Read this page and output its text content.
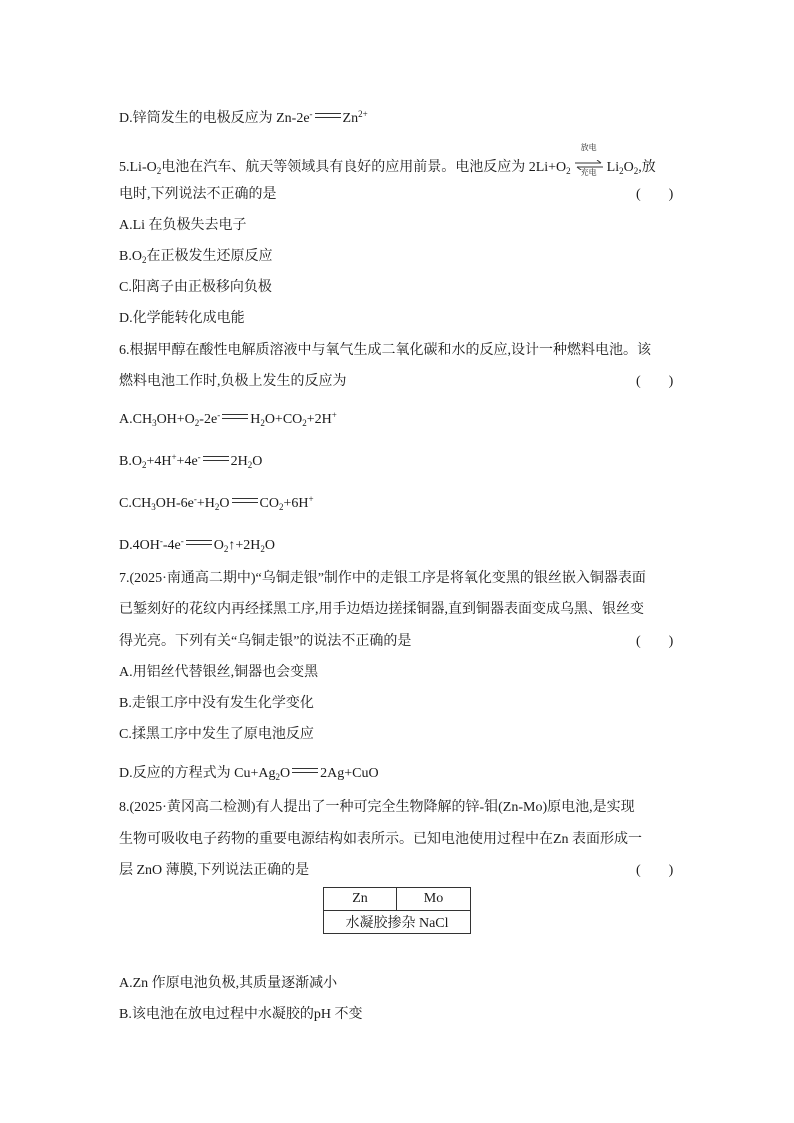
D.锌筒发生的电极反应为 Zn-2e- $Zn^{2+}$
$5.Li-O_2$电池在汽车、航天等领域具有良好的应用前景。电池反应为 $2Li+O_2$
放电
充电 $Li_2O_2$,放
电时,下列说法不正确的是	(　　)
A.Li 在负极失去电子
$B.O_2$在正极发生还原反应
C.阳离子由正极移向负极
D.化学能转化成电能
6.根据甲醇在酸性电解质溶液中与氧气生成二氧化碳和水的反应,设计一种燃料电池。该
燃料电池工作时,负极上发生的反应为	(　　)
$A.CH_3OH+O_2-2e^-$ $H_2O+CO_2+2H^+$
$B.O_2+4H^++4e^-$ $2H_2O$
$C.CH_3OH-6e^-+H_2O$ $CO_2+6H^+$
D.4OH--4e- $O_2↑+2H_2O$
7.(2025·南通高二期中)“乌铜走银”制作中的走银工序是将氧化变黑的银丝嵌入铜器表面
已錾刻好的花纹内再经揉黑工序,用手边焐边搓揉铜器,直到铜器表面变成乌黑、银丝变
得光亮。下列有关“乌铜走银”的说法不正确的是	(　　)
A.用铝丝代替银丝,铜器也会变黑
B.走银工序中没有发生化学变化
C.揉黑工序中发生了原电池反应
D.反应的方程式为 $Cu+Ag_2O$ 2Ag+CuO
8.(2025·黄冈高二检测)有人提出了一种可完全生物降解的锌-钼(Zn-Mo)原电池,是实现
生物可吸收电子药物的重要电源结构如表所示。已知电池使用过程中在Zn 表面形成一
层 ZnO 薄膜,下列说法正确的是	(　　)
Zn	Mo
水凝胶掺杂 NaCl
A.Zn 作原电池负极,其质量逐渐减小
B.该电池在放电过程中水凝胶的pH 不变
